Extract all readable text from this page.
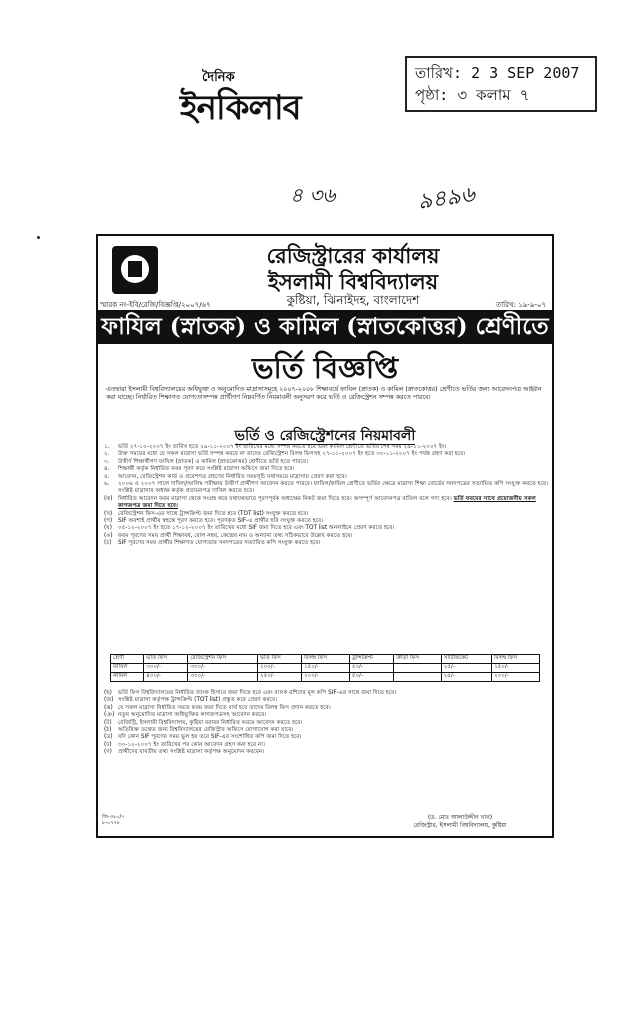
দৈনিক
ইনকিলাব
তারিখ: 2 3 SEP 2007
পৃষ্ঠা: ৩ কলাম ৭
৪ ৩৬	৯৪৯৬
রেজিস্ট্রারের কার্যালয়
ইসলামী বিশ্ববিদ্যালয়
কুষ্টিয়া, ঝিনাইদহ, বাংলাদেশ
স্মারক নং-ইবি/রেজি/বিজ্ঞপ্তি/২০০৭/৬৭	তারিখ: ১৯-৯-০৭
ফাযিল (স্নাতক) ও কামিল (স্নাতকোত্তর) শ্রেণীতে
ভর্তি বিজ্ঞপ্তি
এতদ্বারা ইসলামী বিশ্ববিদ্যালয়ের অধিভুক্ত ও অনুমোদিত মাদ্রাসাসমূহে ২০০৭-২০০৮ শিক্ষাবর্ষে ফাযিল (স্নাতক) ও কামিল (স্নাতকোত্তর) শ্রেণীতে ভর্তির জন্য আবেদনপত্র আহ্বান করা যাচ্ছে। নির্ধারিত শিক্ষাগত যোগ্যতাসম্পন্ন প্রার্থীগণ নিম্নবর্ণিত নিয়মাবলী অনুসরণ করে ভর্তি ও রেজিস্ট্রেশন সম্পন্ন করতে পারবে।
ভর্তি ও রেজিস্ট্রেশনের নিয়মাবলী
১.	ভর্তি ২৭-১০-২০০৭ ইং তারিখ হতে ২৯-১১-২০০৭ ইং তারিখের মধ্যে সম্পন্ন করতে হবে এবং কামিল শ্রেণীতে ভর্তির শেষ সময় ২৯-১১-২০০৭ ইং।
২.	উক্ত সময়ের মধ্যে যে সকল মাদ্রাসা ভর্তি সম্পন্ন করবে না তাদের রেজিস্ট্রেশন বিলম্ব ফিসসহ ২৭-১১-২০০৭ ইং হতে ৩০-১১-২০০৭ ইং পর্যন্ত গ্রহণ করা হবে।
৩.	উত্তীর্ণ শিক্ষার্থীগণ ফাযিল (স্নাতক) ও কামিল (স্নাতকোত্তর) শ্রেণীতে ভর্তি হতে পারবে।
৪.	শিক্ষার্থী কর্তৃক নির্ধারিত ফরম পূরণ করে সংশ্লিষ্ট মাদ্রাসা অফিসে জমা দিতে হবে।
৫.	আবেদন, রেজিস্ট্রেশন কার্ড ও প্রবেশপত্র গ্রহণের নির্ধারিত সময়সূচি যথাসময়ে মাদ্রাসায় প্রেরণ করা হবে।
৬.	২০০৬ ও ২০০৭ সালে দাখিল/আলিম পরীক্ষায় উত্তীর্ণ প্রার্থীগণ আবেদন করতে পারবে। ফাযিল/কামিল শ্রেণীতে ভর্তির ক্ষেত্রে মাদ্রাসা শিক্ষা বোর্ডের সনদপত্রের সত্যায়িত কপি সংযুক্ত করতে হবে। সংশ্লিষ্ট মাদ্রাসার অধ্যক্ষ কর্তৃক প্রত্যয়নপত্র দাখিল করতে হবে।
(ক) নির্ধারিত আবেদন ফরম মাদ্রাসা থেকে সংগ্রহ করে যথাযথভাবে পূরণপূর্বক অধ্যক্ষের নিকট জমা দিতে হবে। অসম্পূর্ণ আবেদনপত্র বাতিল বলে গণ্য হবে। ভর্তি ফরমের সাথে প্রয়োজনীয় সকল কাগজপত্র জমা দিতে হবে।
(খ)	রেজিস্ট্রেশন ফিস-এর সাথে ট্রান্সক্রিপ্ট জমা দিতে হবে (TOT list) সংযুক্ত করতে হবে।
(গ)	SIF অবশ্যই প্রার্থীর স্বহস্তে পূরণ করতে হবে। পূরণকৃত SIF-এ প্রার্থীর ছবি সংযুক্ত করতে হবে।
(ঘ)	০৫-১২-২০০৭ ইং হতে ১৭-১২-২০০৭ ইং তারিখের মধ্যে SIF জমা দিতে হবে এবং TOT list অনলাইনে প্রেরণ করতে হবে।
(ঙ) ফরম পূরণের সময় প্রার্থী শিক্ষাবর্ষ, রোল নম্বর, কেন্দ্রের নাম ও অন্যান্য তথ্য সঠিকভাবে উল্লেখ করতে হবে।
(চ)	SIF পূরণের সময় প্রার্থীর শিক্ষাগত যোগ্যতার সনদপত্রের সত্যায়িত কপি সংযুক্ত করতে হবে।
শ্রেণী	ভর্তি ফিস	রেজিস্ট্রেশন ফিস	ভর্তি ফিস	বিলম্ব ফিস	ট্রান্সক্রিপ্ট	ক্রীড়া ফিস	সার্টিফিকেট	বিলম্ব ফিস
ফাযিল	৩০০/-	৩০০/-	২০০/-	১৫০/-	৫০/-		২৫/-	১৫০/-
কামিল	৪০০/-	৩০০/-	২৫০/-	২০০/-	৫০/-		২৫/-	২০০/-
(ছ)	ভর্তি ফিস বিশ্ববিদ্যালয়ের নির্ধারিত ব্যাংক হিসাবে জমা দিতে হবে এবং ব্যাংক রশিদের মূল কপি SIF-এর সাথে জমা দিতে হবে।
(জ) সংশ্লিষ্ট মাদ্রাসা কর্তৃপক্ষ ট্রান্সক্রিপ্ট (TOT list) প্রস্তুত করে প্রেরণ করবে।
(ঝ) যে সকল মাদ্রাসা নির্ধারিত সময়ে ফরম জমা দিতে ব্যর্থ হবে তাদের বিলম্ব ফিস প্রদান করতে হবে।
(ঞ) নতুন অনুমোদিত মাদ্রাসা অধিভুক্তির কাগজপত্রসহ আবেদন করবে।
(ট)	রেজিস্ট্রি, ইসলামী বিশ্ববিদ্যালয়, কুষ্টিয়া বরাবর নির্ধারিত ফরমে আবেদন করতে হবে।
(ঠ)	অতিরিক্ত তথ্যের জন্য বিশ্ববিদ্যালয়ের রেজিস্ট্রার অফিসে যোগাযোগ করা যাবে।
(ড) যদি কোন SIF পূরণের সময় ভুল হয় তবে SIF-এর সংশোধিত কপি জমা দিতে হবে।
(ঢ)	৩০-১২-২০০৭ ইং তারিখের পর কোন আবেদন গ্রহণ করা হবে না।
(ণ)	প্রার্থীদের যাবতীয় তথ্য সংশ্লিষ্ট মাদ্রাসা কর্তৃপক্ষ অনুমোদন করবেন।
জি-৩৮০/৭
৮-০৭৭৮
(ড. মোঃ আলাউদ্দীন খান)
রেজিস্ট্রার, ইসলামী বিশ্ববিদ্যালয়, কুষ্টিয়া
